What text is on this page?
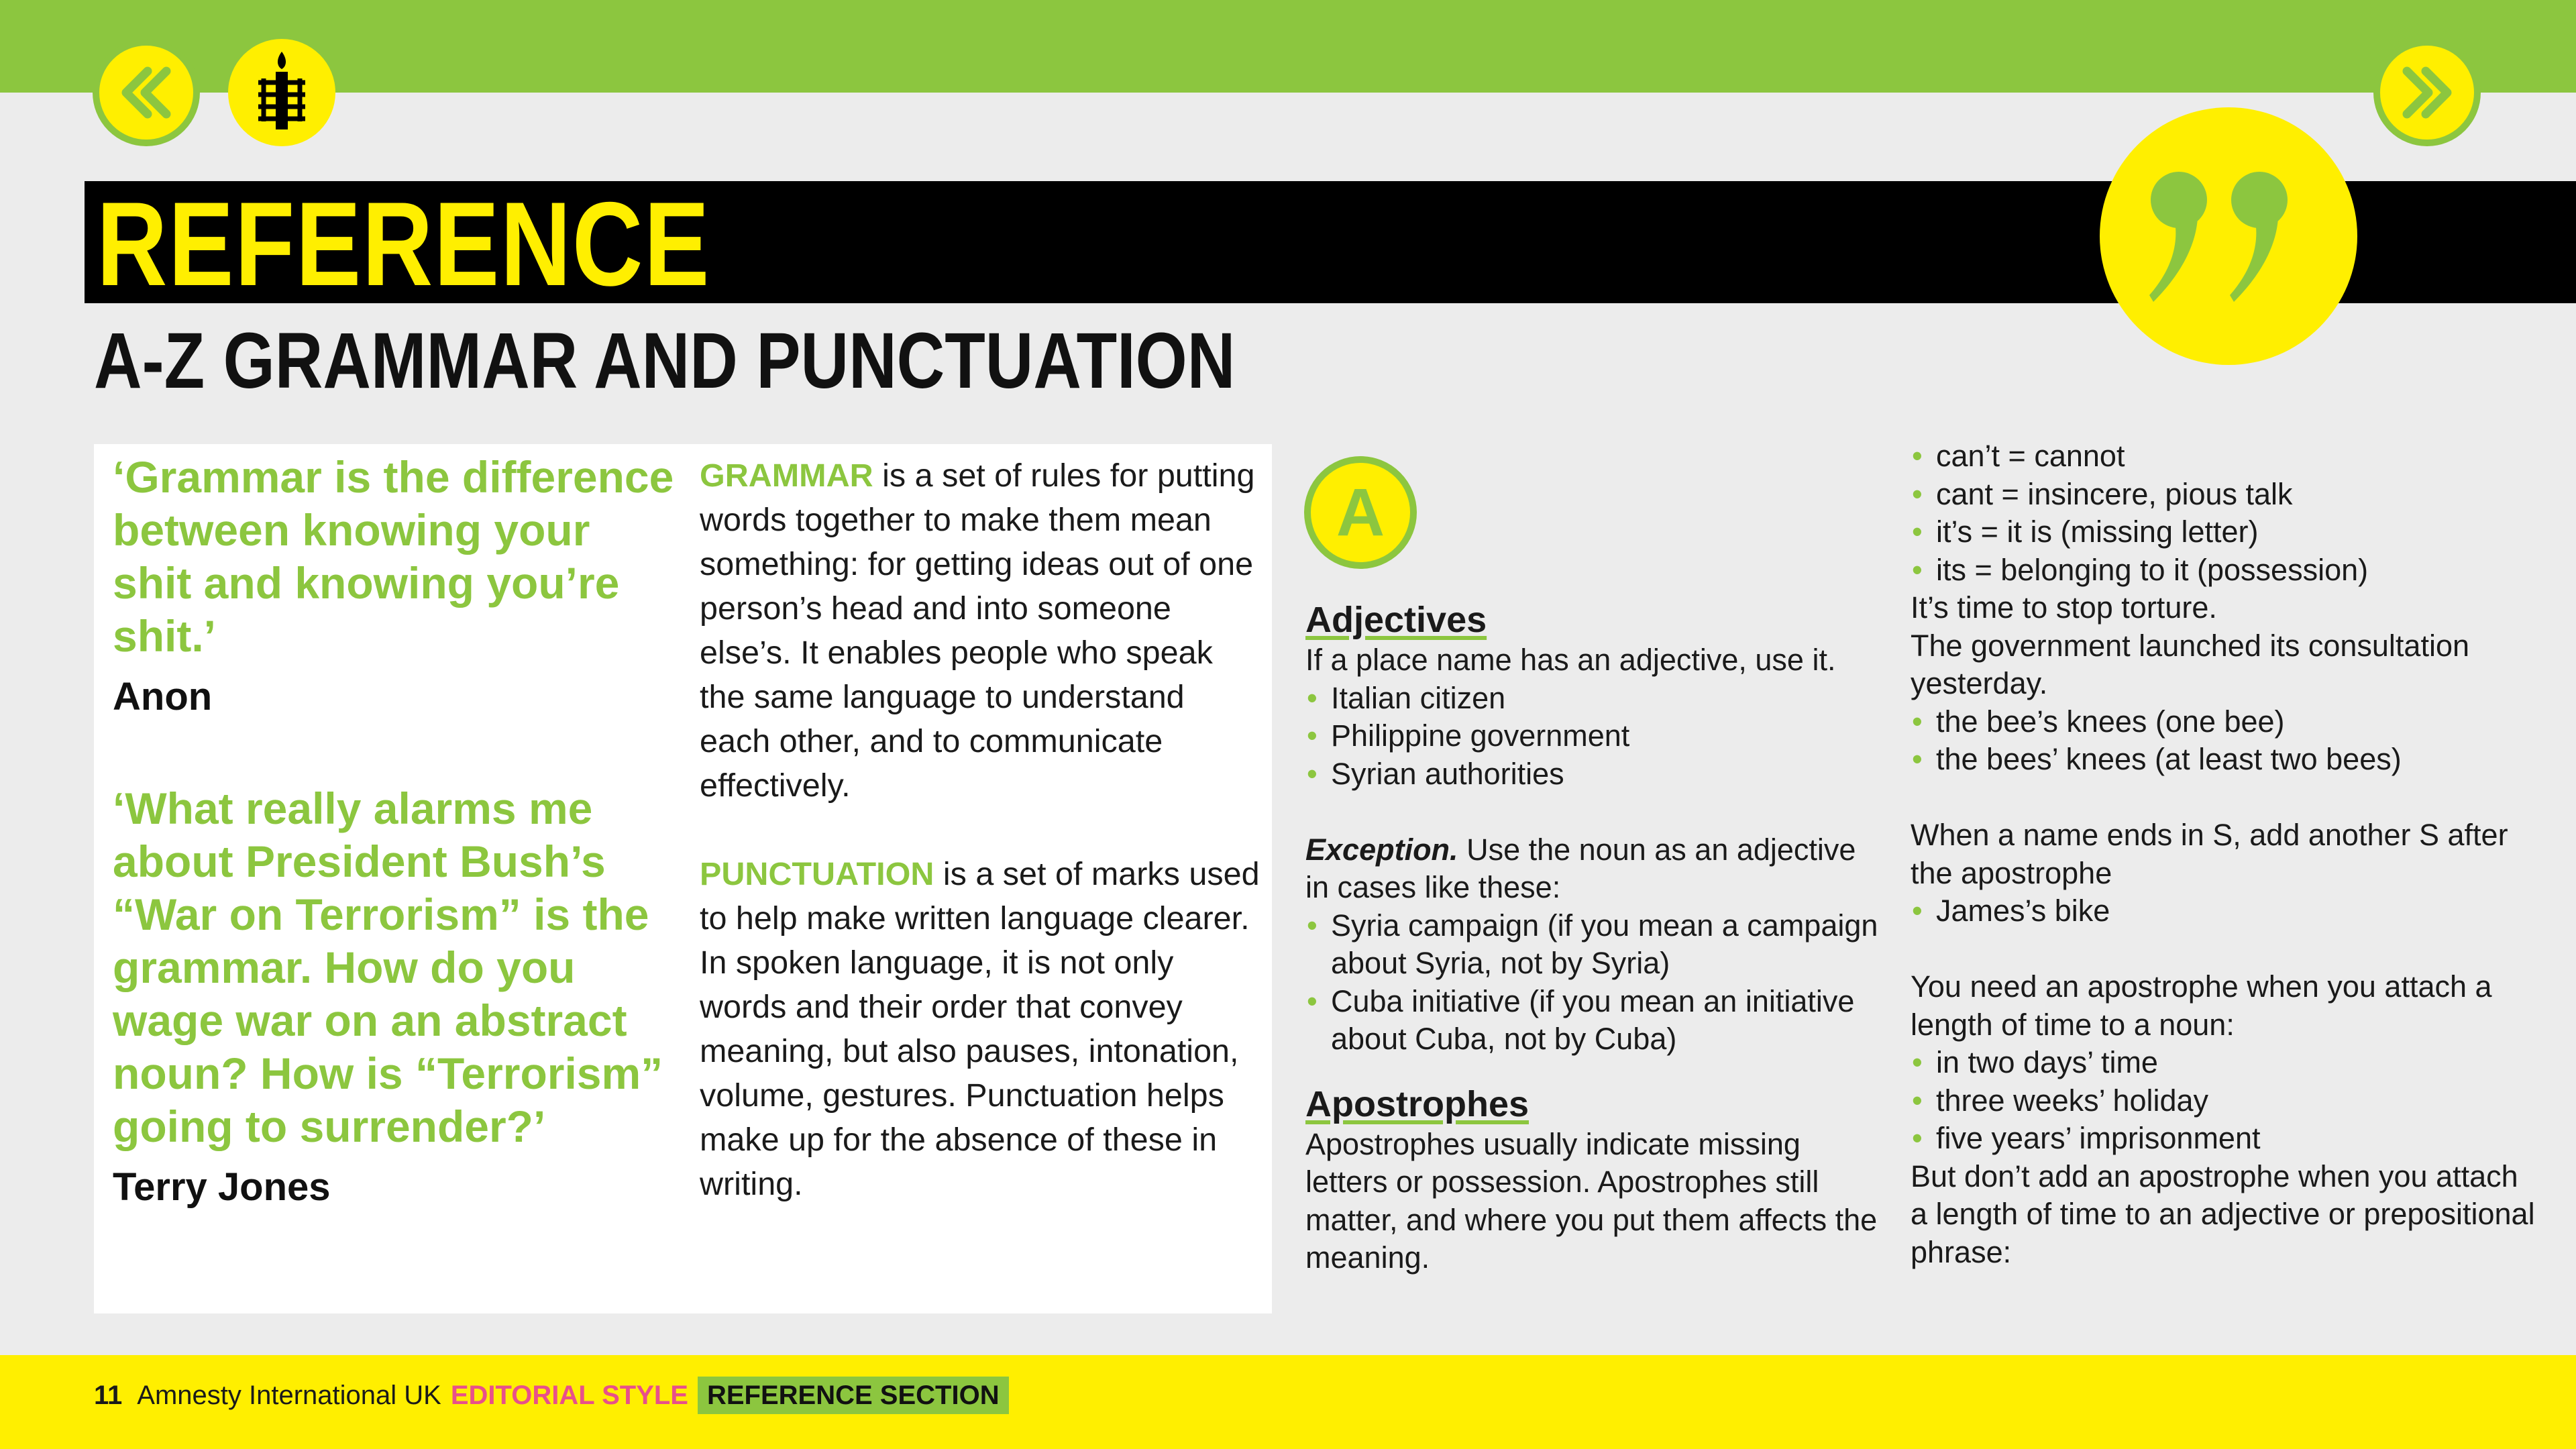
REFERENCE
A-Z GRAMMAR AND PUNCTUATION
‘Grammar is the difference between knowing your shit and knowing you’re shit.’
Anon
‘What really alarms me about President Bush’s “War on Terrorism” is the grammar. How do you wage war on an abstract noun? How is “Terrorism” going to surrender?’
Terry Jones

GRAMMAR is a set of rules for putting words together to make them mean something: for getting ideas out of one person’s head and into someone else’s. It enables people who speak the same language to understand each other, and to communicate effectively.

PUNCTUATION is a set of marks used to help make written language clearer. In spoken language, it is not only words and their order that convey meaning, but also pauses, intonation, volume, gestures. Punctuation helps make up for the absence of these in writing.

A
Adjectives
If a place name has an adjective, use it.
• Italian citizen
• Philippine government
• Syrian authorities
Exception. Use the noun as an adjective in cases like these:
• Syria campaign (if you mean a campaign about Syria, not by Syria)
• Cuba initiative (if you mean an initiative about Cuba, not by Cuba)
Apostrophes
Apostrophes usually indicate missing letters or possession. Apostrophes still matter, and where you put them affects the meaning.
• can’t = cannot
• cant = insincere, pious talk
• it’s = it is (missing letter)
• its = belonging to it (possession)
It’s time to stop torture.
The government launched its consultation yesterday.
• the bee’s knees (one bee)
• the bees’ knees (at least two bees)
When a name ends in S, add another S after the apostrophe
• James’s bike
You need an apostrophe when you attach a length of time to a noun:
• in two days’ time
• three weeks’ holiday
• five years’ imprisonment
But don’t add an apostrophe when you attach a length of time to an adjective or prepositional phrase:
11 Amnesty International UK EDITORIAL STYLE REFERENCE SECTION
